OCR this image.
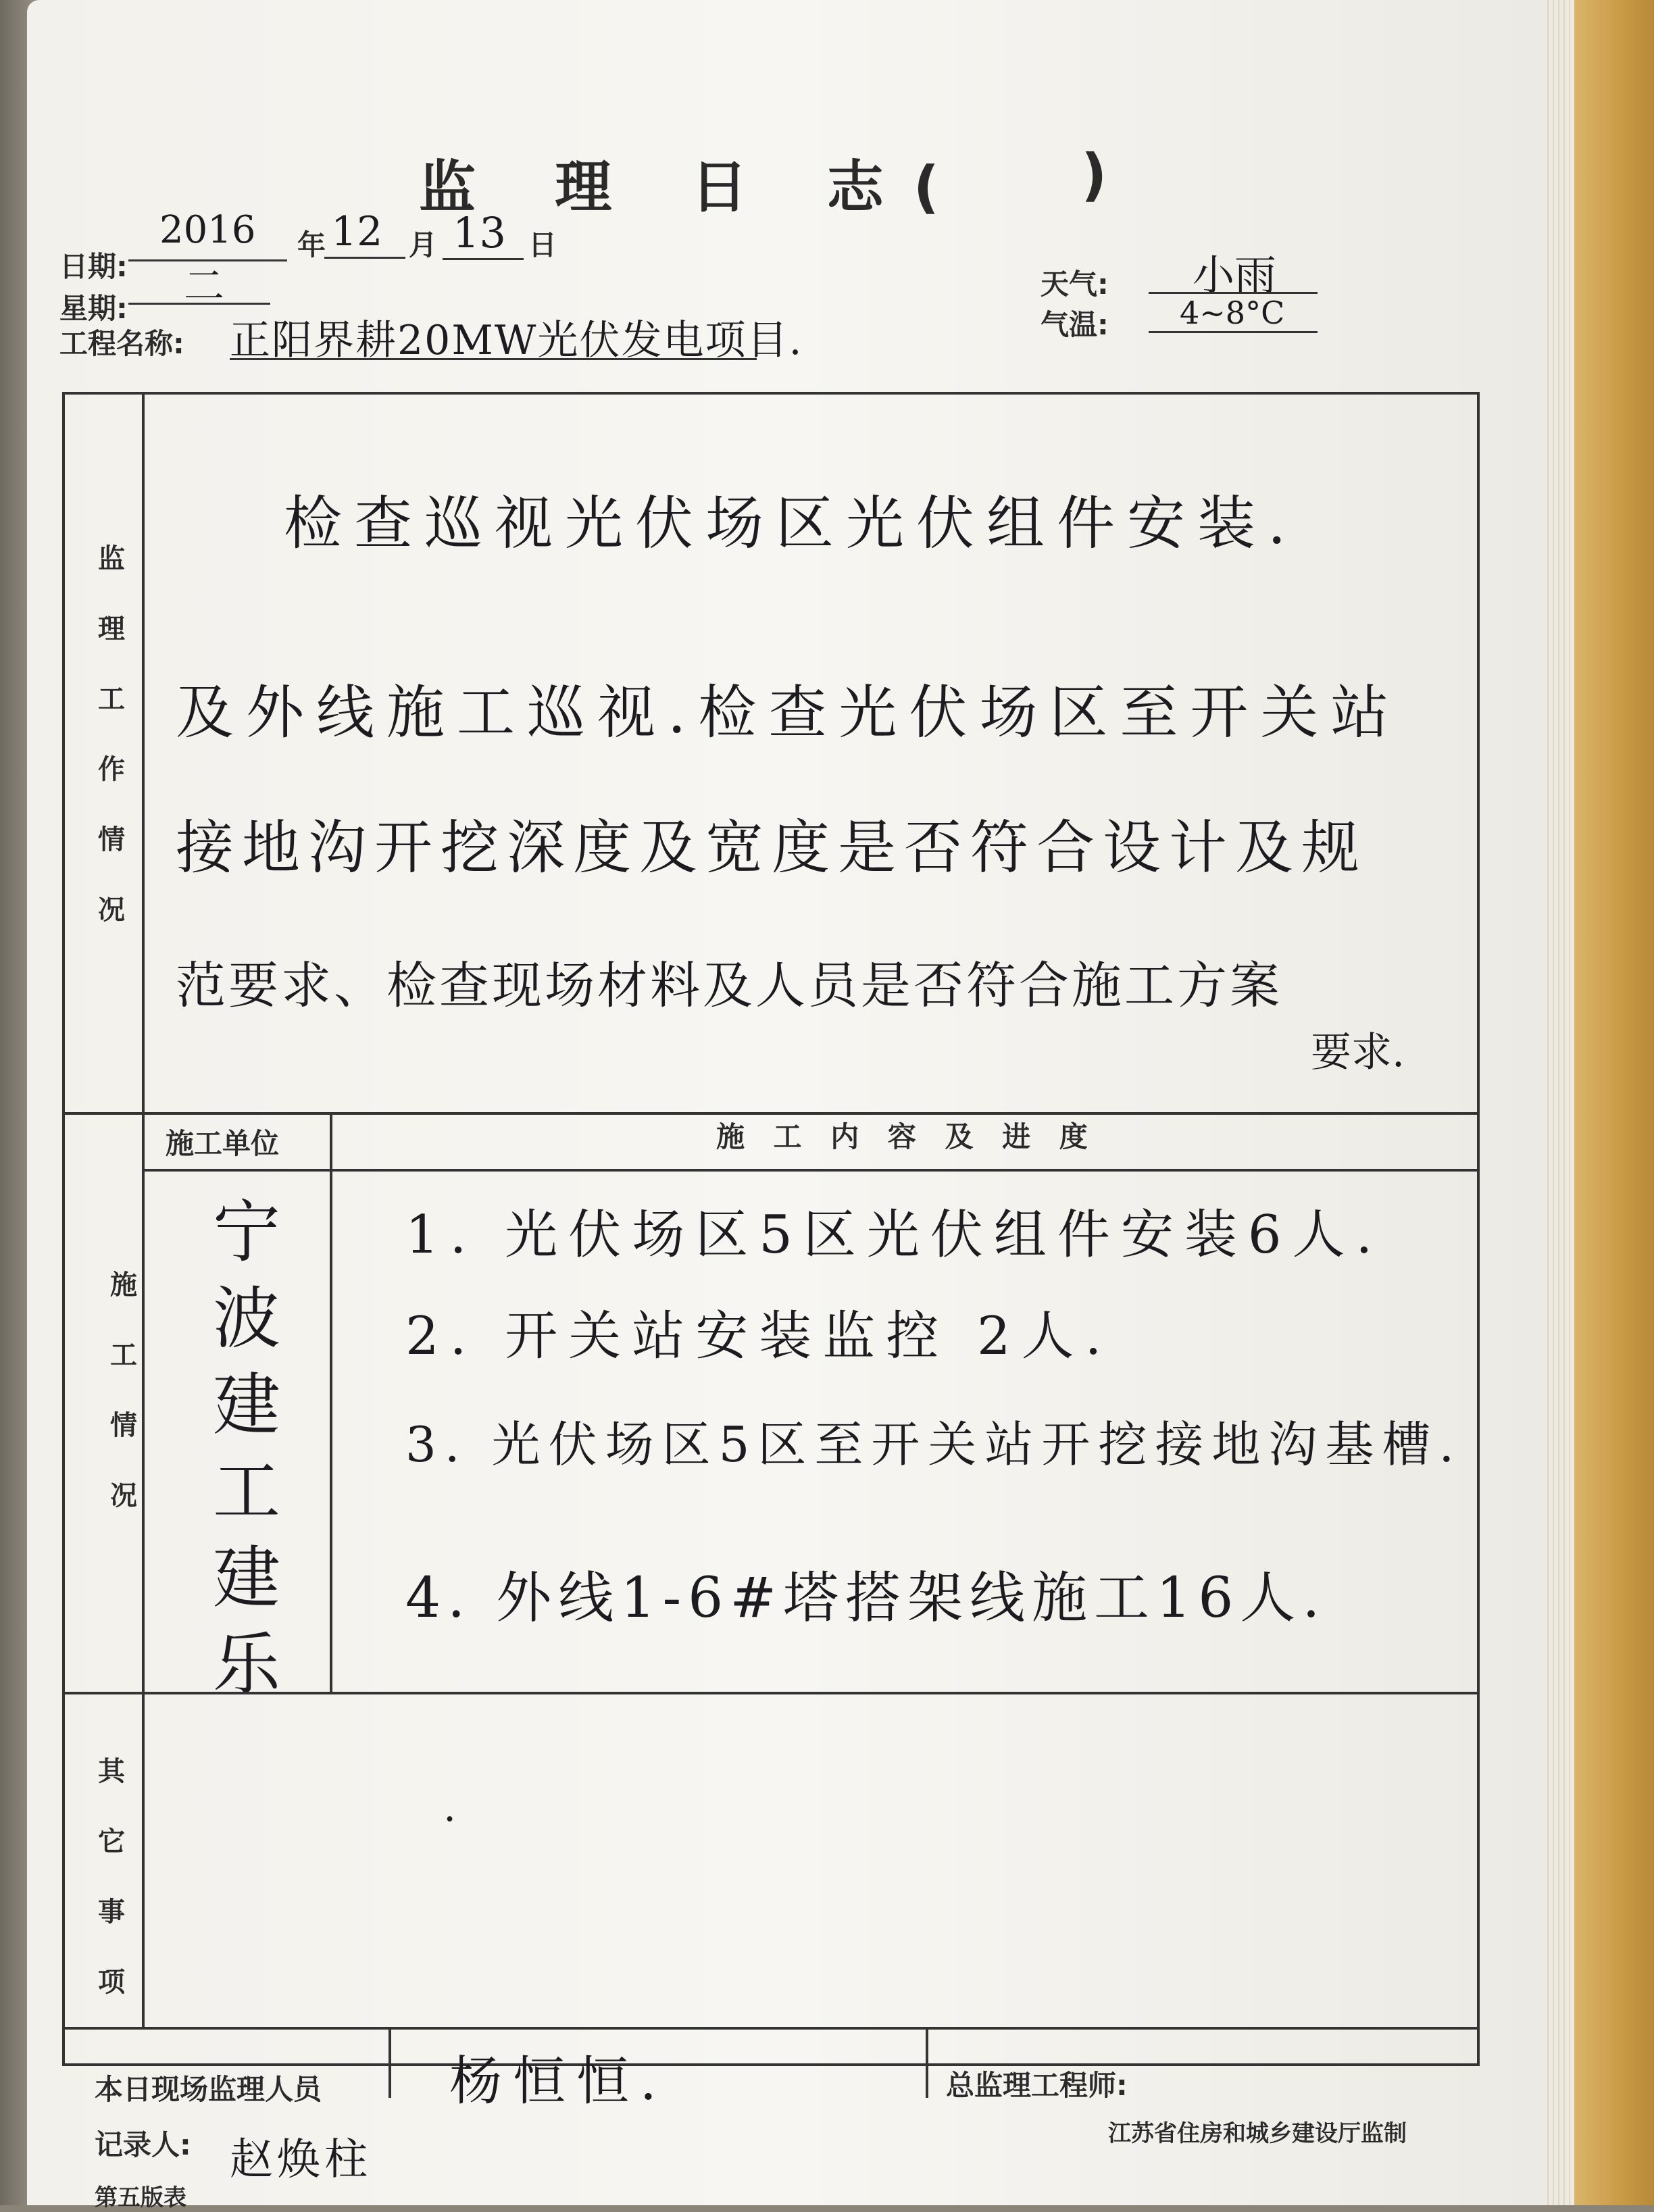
监 理 日 志( )
日期:
2016 年 12 月 13 日
星期: 二	天气: 小雨
气温: 4~8°C
工程名称: 正阳界耕20MW光伏发电项目.
监理工作情况
检查巡视光伏场区光伏组件安装.
及外线施工巡视.检查光伏场区至开关站
接地沟开挖深度及宽度是否符合设计及规
范要求、检查现场材料及人员是否符合施工方案
要求.
施工单位	施 工 内 容 及 进 度
施工情况
宁波建工建乐
1. 光伏场区5区光伏组件安装6人.
2. 开关站安装监控 2人.
3. 光伏场区5区至开关站开挖接地沟基槽.
4. 外线1-6#塔搭架线施工16人.
其它事项
.
本日现场监理人员 杨恒恒.	总监理工程师:
记录人: 赵焕柱
江苏省住房和城乡建设厅监制
第五版表
